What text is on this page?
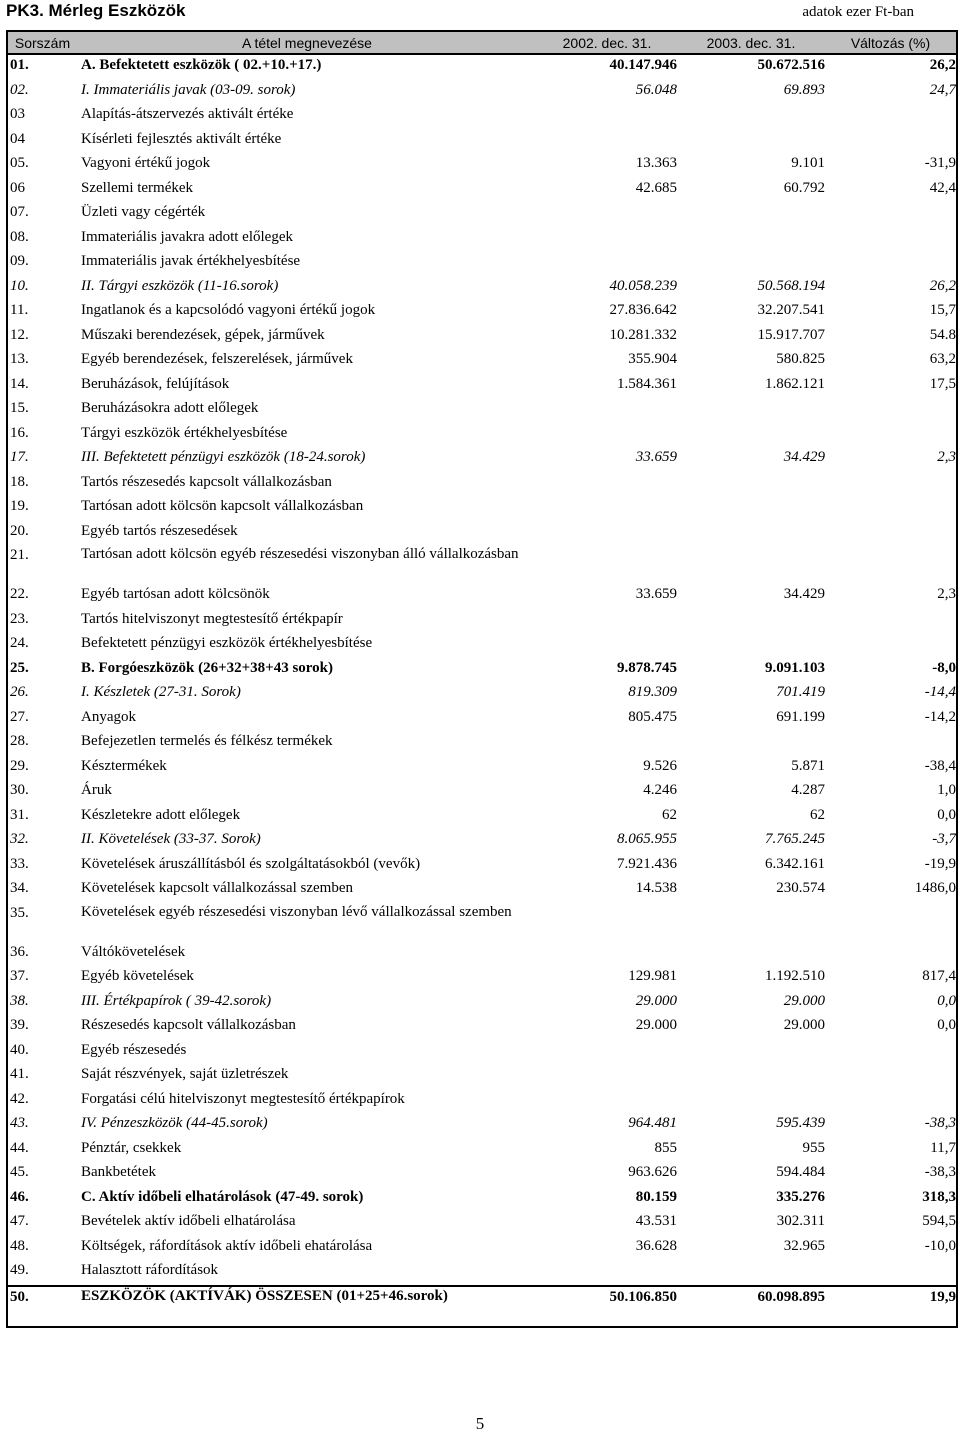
PK3. Mérleg Eszközök	adatok ezer Ft-ban
Sorszám	A tétel megnevezése	2002. dec. 31.	2003. dec. 31.	Változás (%)
01.	A. Befektetett eszközök ( 02.+10.+17.)	40.147.946	50.672.516	26,2
02.	I. Immateriális javak (03-09. sorok)	56.048	69.893	24,7
03	Alapítás-átszervezés aktivált értéke			
04	Kísérleti fejlesztés aktivált értéke			
05.	Vagyoni értékű jogok	13.363	9.101	-31,9
06	Szellemi termékek	42.685	60.792	42,4
07.	Üzleti vagy cégérték			
08.	Immateriális javakra adott előlegek			
09.	Immateriális javak értékhelyesbítése			
10.	II. Tárgyi eszközök (11-16.sorok)	40.058.239	50.568.194	26,2
11.	Ingatlanok és a kapcsolódó vagyoni értékű jogok	27.836.642	32.207.541	15,7
12.	Műszaki berendezések, gépek, járművek	10.281.332	15.917.707	54.8
13.	Egyéb berendezések, felszerelések, járművek	355.904	580.825	63,2
14.	Beruházások, felújítások	1.584.361	1.862.121	17,5
15.	Beruházásokra adott előlegek			
16.	Tárgyi eszközök értékhelyesbítése			
17.	III. Befektetett pénzügyi eszközök (18-24.sorok)	33.659	34.429	2,3
18.	Tartós részesedés kapcsolt vállalkozásban			
19.	Tartósan adott kölcsön kapcsolt vállalkozásban			
20.	Egyéb tartós részesedések			
21.	Tartósan adott kölcsön egyéb részesedési viszonyban álló vállalkozásban			
22.	Egyéb tartósan adott kölcsönök	33.659	34.429	2,3
23.	Tartós hitelviszonyt megtestesítő értékpapír			
24.	Befektetett pénzügyi eszközök értékhelyesbítése			
25.	B. Forgóeszközök (26+32+38+43 sorok)	9.878.745	9.091.103	-8,0
26.	I. Készletek (27-31. Sorok)	819.309	701.419	-14,4
27.	Anyagok	805.475	691.199	-14,2
28.	Befejezetlen termelés és félkész termékek			
29.	Késztermékek	9.526	5.871	-38,4
30.	Áruk	4.246	4.287	1,0
31.	Készletekre adott előlegek	62	62	0,0
32.	II. Követelések (33-37. Sorok)	8.065.955	7.765.245	-3,7
33.	Követelések áruszállításból és szolgáltatásokból (vevők)	7.921.436	6.342.161	-19,9
34.	Követelések kapcsolt vállalkozással szemben	14.538	230.574	1486,0
35.	Követelések egyéb részesedési viszonyban lévő vállalkozással szemben			
36.	Váltókövetelések			
37.	Egyéb követelések	129.981	1.192.510	817,4
38.	III. Értékpapírok ( 39-42.sorok)	29.000	29.000	0,0
39.	Részesedés kapcsolt vállalkozásban	29.000	29.000	0,0
40.	Egyéb részesedés			
41.	Saját részvények, saját üzletrészek			
42.	Forgatási célú hitelviszonyt megtestesítő értékpapírok			
43.	IV. Pénzeszközök (44-45.sorok)	964.481	595.439	-38,3
44.	Pénztár, csekkek	855	955	11,7
45.	Bankbetétek	963.626	594.484	-38,3
46.	C. Aktív időbeli elhatárolások (47-49. sorok)	80.159	335.276	318,3
47.	Bevételek aktív időbeli elhatárolása	43.531	302.311	594,5
48.	Költségek, ráfordítások aktív időbeli ehatárolása	36.628	32.965	-10,0
49.	Halasztott ráfordítások			
50.	ESZKÖZÖK (AKTÍVÁK) ÖSSZESEN (01+25+46.sorok)	50.106.850	60.098.895	19,9
5
